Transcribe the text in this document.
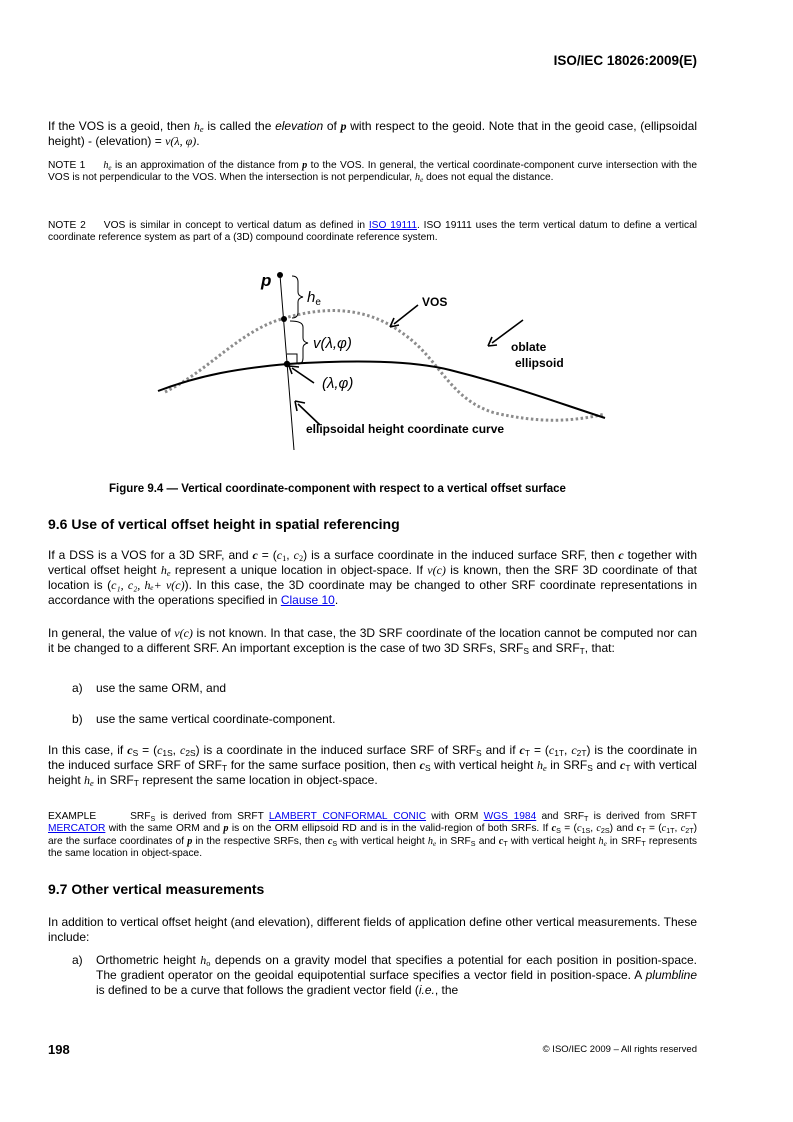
ISO/IEC 18026:2009(E)
If the VOS is a geoid, then $h_e$ is called the elevation of p with respect to the geoid. Note that in the geoid case, (ellipsoidal height) - (elevation) = v(λ, φ).
NOTE 1 $h_e$ is an approximation of the distance from p to the VOS. In general, the vertical coordinate-component curve intersection with the VOS is not perpendicular to the VOS. When the intersection is not perpendicular, $h_e$ does not equal the distance.
NOTE 2 VOS is similar in concept to vertical datum as defined in ISO 19111. ISO 19111 uses the term vertical datum to define a vertical coordinate reference system as part of a (3D) compound coordinate reference system.
p
$h_e$
v(λ,φ)
(λ,φ)
VOS
oblate
ellipsoid
ellipsoidal height coordinate curve
Figure 9.4 — Vertical coordinate-component with respect to a vertical offset surface
9.6 Use of vertical offset height in spatial referencing
If a DSS is a VOS for a 3D SRF, and $c = (c_1$, $c_2$) is a surface coordinate in the induced surface SRF, then c together with vertical offset height $h_e$ represent a unique location in object-space. If v(c) is known, then the SRF 3D coordinate of that location is (c₁, c₂, hₑ+ v(c)). In this case, the 3D coordinate may be changed to other SRF coordinate representations in accordance with the operations specified in Clause 10.
In general, the value of v(c) is not known. In that case, the 3D SRF coordinate of the location cannot be computed nor can it be changed to a different SRF. An important exception is the case of two 3D SRFs, $SRF_S$ and $SRF_T$, that:
a) use the same ORM, and
b) use the same vertical coordinate-component.
In this case, if $c_S = (c_{1S}$, $c_{2S}$) is a coordinate in the induced surface SRF of $SRF_S$ and if $c_T = (c_{1T}$, $c_{2T}$) is the coordinate in the induced surface SRF of $SRF_T$ for the same surface position, then $c_S$ with vertical height $h_e$ in $SRF_S$ and $c_T$ with vertical height $h_e$ in $SRF_T$ represent the same location in object-space.
EXAMPLE	$SRF_S$ is derived from SRFT LAMBERT_CONFORMAL_CONIC with ORM WGS_1984 and $SRF_T$ is derived from SRFT MERCATOR with the same ORM and p is on the ORM ellipsoid RD and is in the valid-region of both SRFs. If $c_S = (c_{1S}$, $c_{2S}$) and $c_T = (c_{1T}$, $c_{2T}$) are the surface coordinates of p in the respective SRFs, then $c_S$ with vertical height $h_e$ in $SRF_S$ and $c_T$ with vertical height $h_e$ in $SRF_T$ represents the same location in object-space.
9.7 Other vertical measurements
In addition to vertical offset height (and elevation), different fields of application define other vertical measurements. These include:
a) Orthometric height $h_o$ depends on a gravity model that specifies a potential for each position in position-space. The gradient operator on the geoidal equipotential surface specifies a vector field in position-space. A plumbline is defined to be a curve that follows the gradient vector field (i.e., the
198	© ISO/IEC 2009 – All rights reserved
